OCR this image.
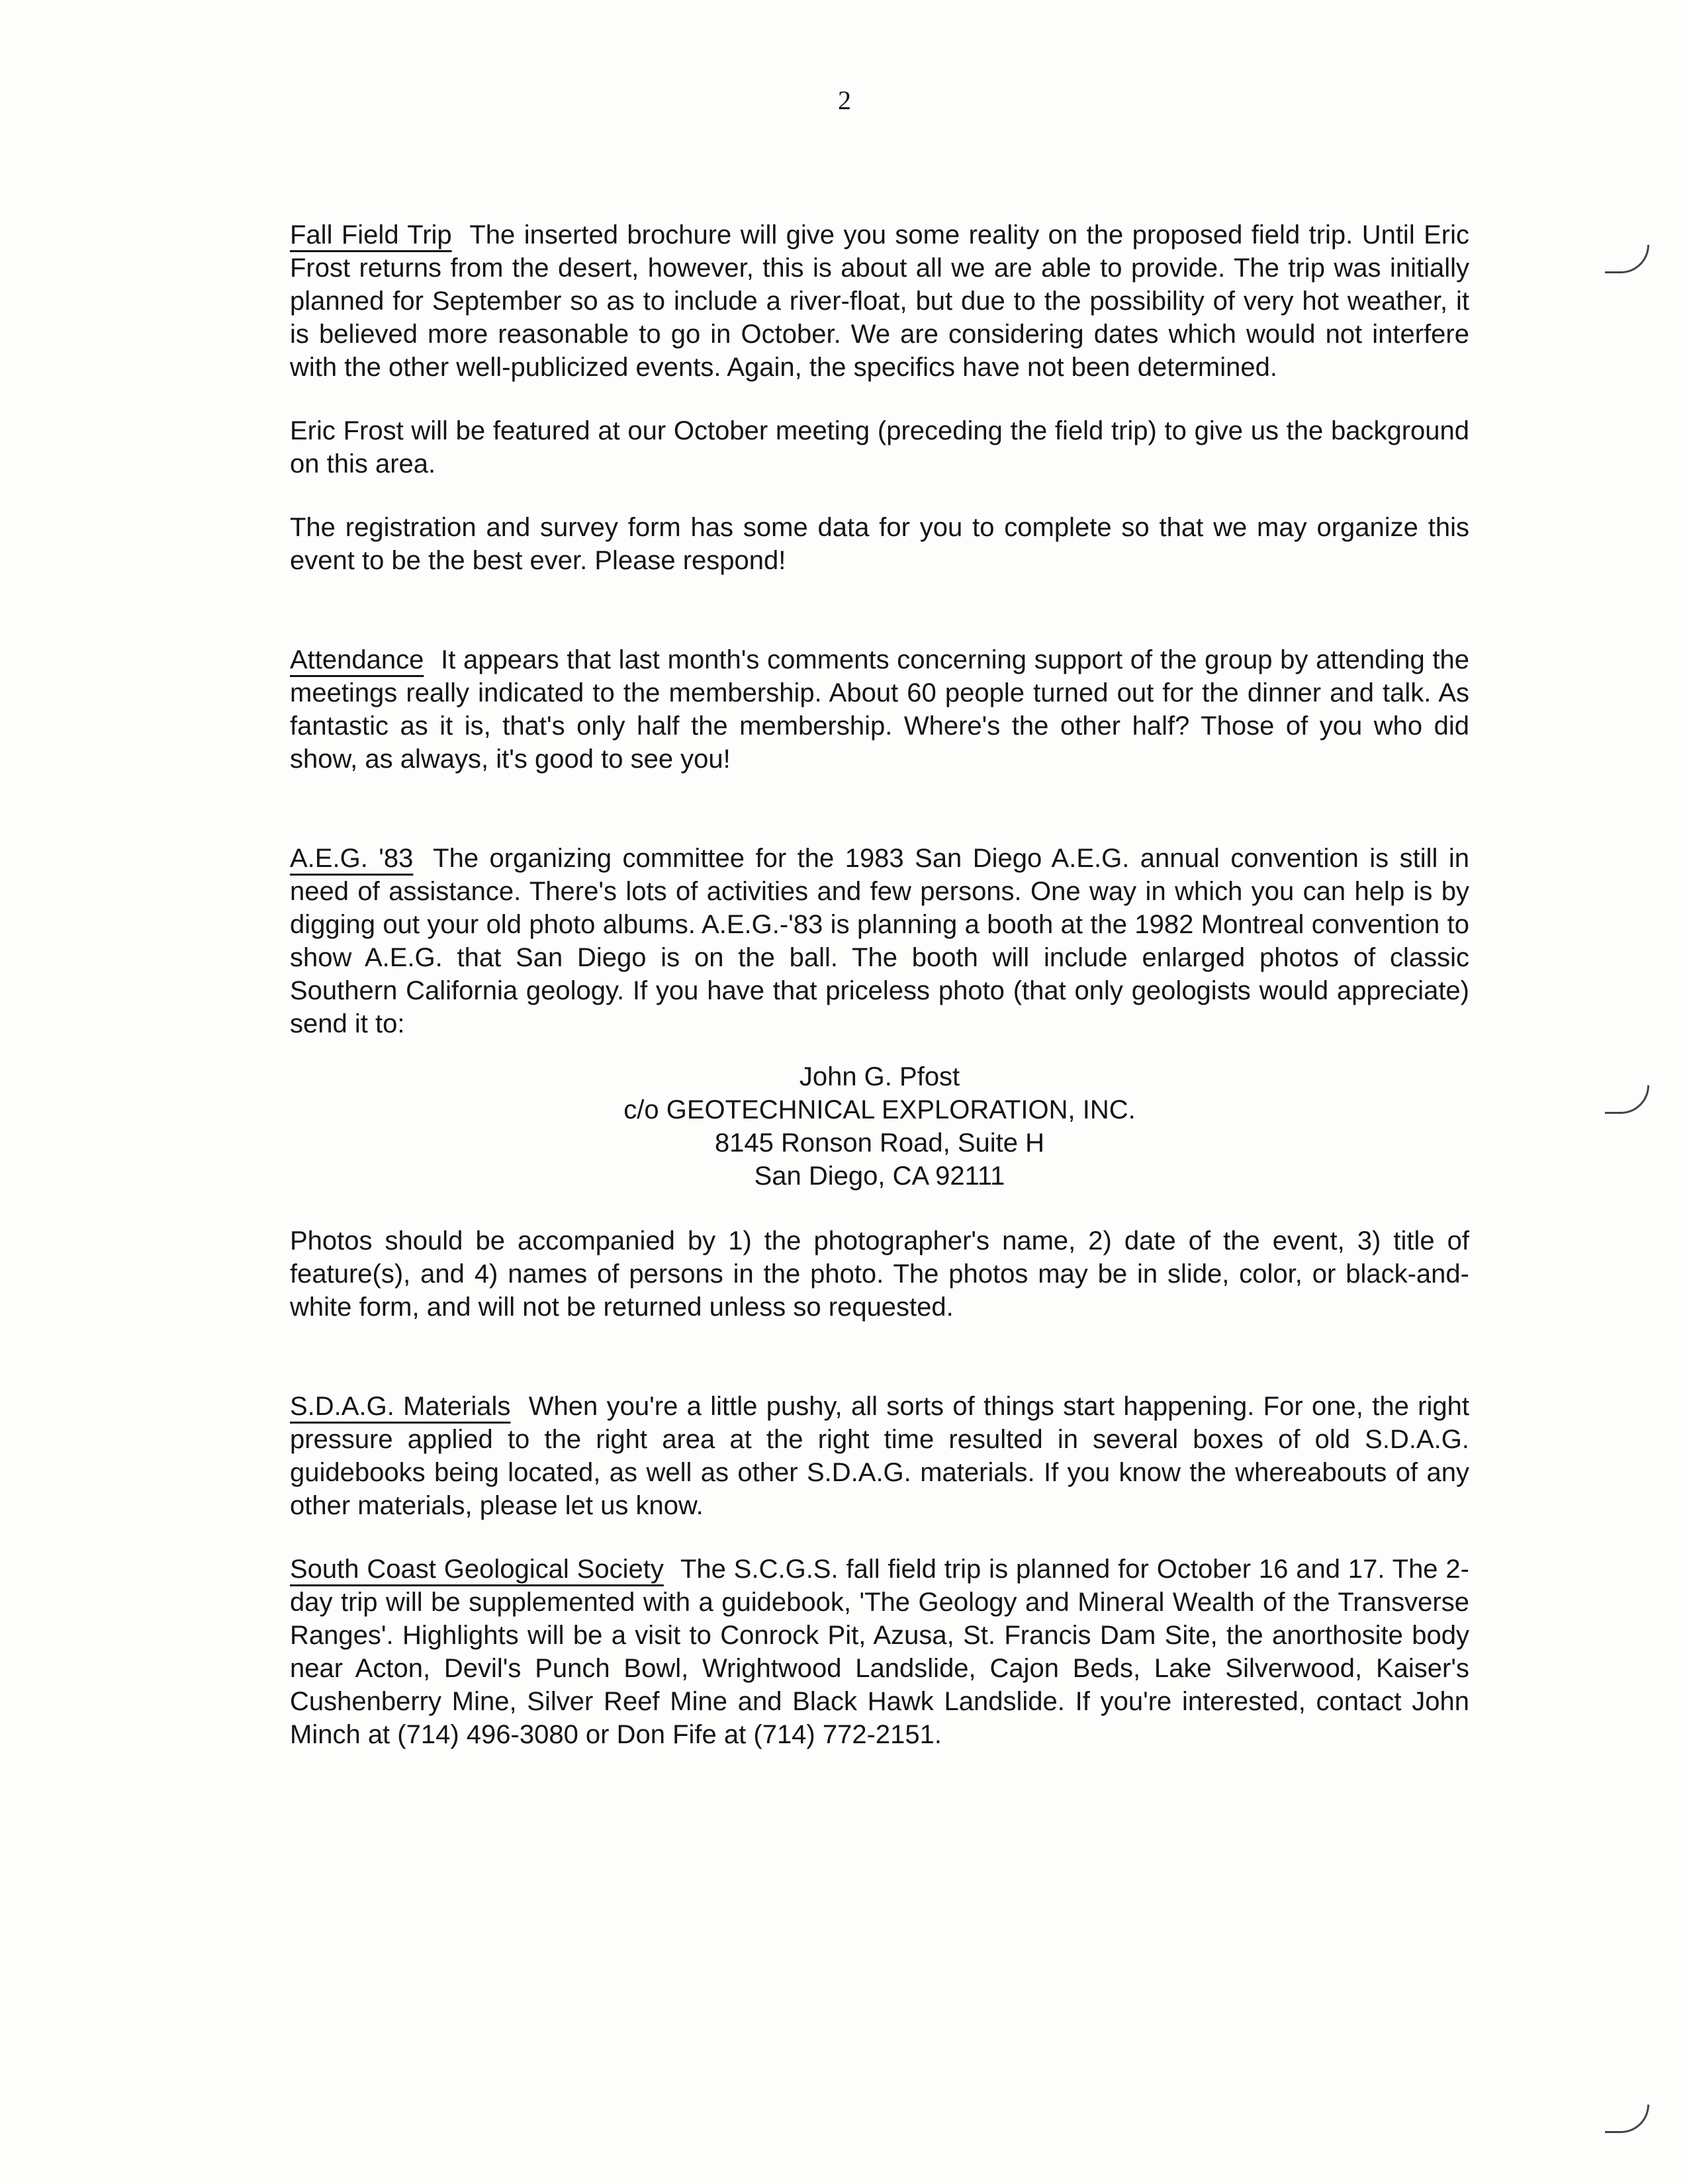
2

Fall Field Trip The inserted brochure will give you some reality on the proposed field trip. Until Eric Frost returns from the desert, however, this is about all we are able to provide. The trip was initially planned for September so as to include a river-float, but due to the possibility of very hot weather, it is believed more reasonable to go in October. We are considering dates which would not interfere with the other well-publicized events. Again, the specifics have not been determined.

Eric Frost will be featured at our October meeting (preceding the field trip) to give us the background on this area.

The registration and survey form has some data for you to complete so that we may organize this event to be the best ever. Please respond!

Attendance It appears that last month's comments concerning support of the group by attending the meetings really indicated to the membership. About 60 people turned out for the dinner and talk. As fantastic as it is, that's only half the membership. Where's the other half? Those of you who did show, as always, it's good to see you!

A.E.G. '83 The organizing committee for the 1983 San Diego A.E.G. annual convention is still in need of assistance. There's lots of activities and few persons. One way in which you can help is by digging out your old photo albums. A.E.G.-'83 is planning a booth at the 1982 Montreal convention to show A.E.G. that San Diego is on the ball. The booth will include enlarged photos of classic Southern California geology. If you have that priceless photo (that only geologists would appreciate) send it to:

John G. Pfost
c/o GEOTECHNICAL EXPLORATION, INC.
8145 Ronson Road, Suite H
San Diego, CA 92111

Photos should be accompanied by 1) the photographer's name, 2) date of the event, 3) title of feature(s), and 4) names of persons in the photo. The photos may be in slide, color, or black-and-white form, and will not be returned unless so requested.

S.D.A.G. Materials When you're a little pushy, all sorts of things start happening. For one, the right pressure applied to the right area at the right time resulted in several boxes of old S.D.A.G. guidebooks being located, as well as other S.D.A.G. materials. If you know the whereabouts of any other materials, please let us know.

South Coast Geological Society The S.C.G.S. fall field trip is planned for October 16 and 17. The 2-day trip will be supplemented with a guidebook, 'The Geology and Mineral Wealth of the Transverse Ranges'. Highlights will be a visit to Conrock Pit, Azusa, St. Francis Dam Site, the anorthosite body near Acton, Devil's Punch Bowl, Wrightwood Landslide, Cajon Beds, Lake Silverwood, Kaiser's Cushenberry Mine, Silver Reef Mine and Black Hawk Landslide. If you're interested, contact John Minch at (714) 496-3080 or Don Fife at (714) 772-2151.
